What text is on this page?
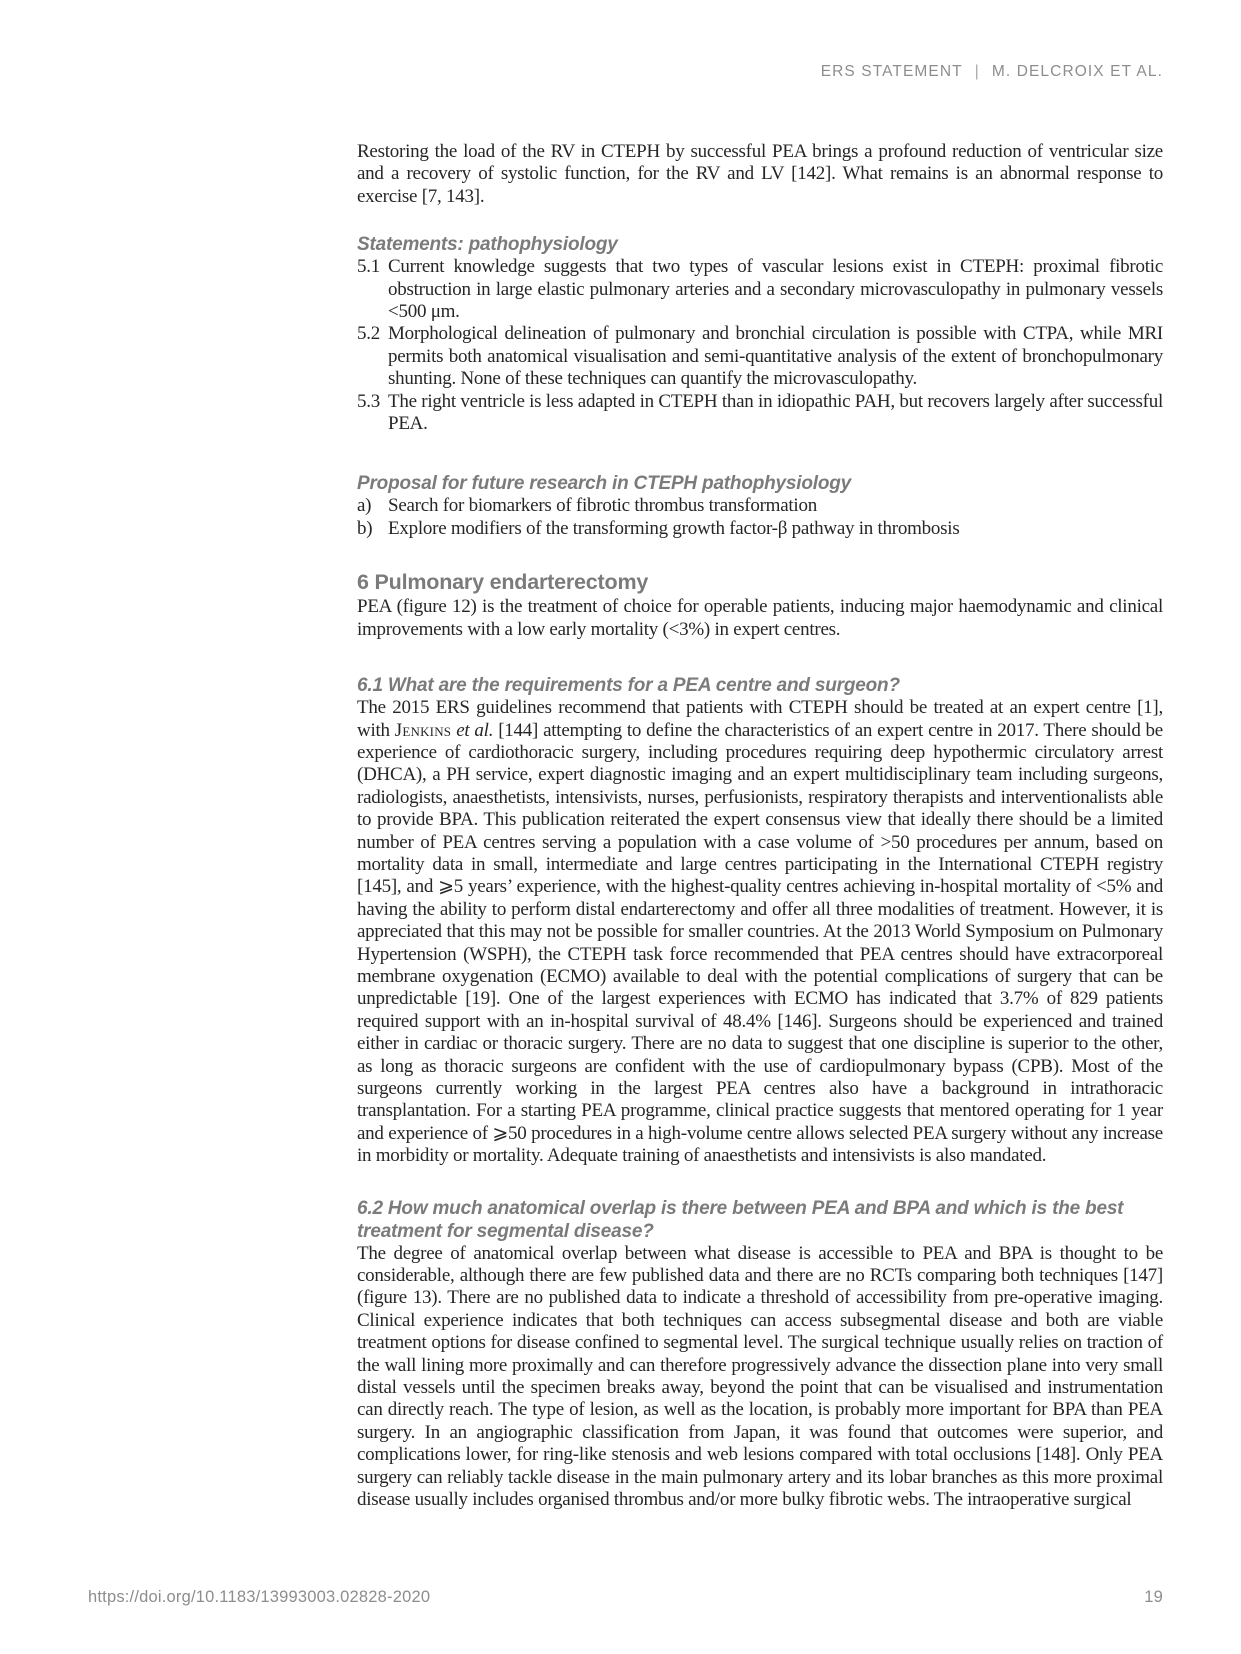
ERS STATEMENT | M. DELCROIX ET AL.

Restoring the load of the RV in CTEPH by successful PEA brings a profound reduction of ventricular size and a recovery of systolic function, for the RV and LV [142]. What remains is an abnormal response to exercise [7, 143].

Statements: pathophysiology
5.1 Current knowledge suggests that two types of vascular lesions exist in CTEPH: proximal fibrotic obstruction in large elastic pulmonary arteries and a secondary microvasculopathy in pulmonary vessels <500 μm.
5.2 Morphological delineation of pulmonary and bronchial circulation is possible with CTPA, while MRI permits both anatomical visualisation and semi-quantitative analysis of the extent of bronchopulmonary shunting. None of these techniques can quantify the microvasculopathy.
5.3 The right ventricle is less adapted in CTEPH than in idiopathic PAH, but recovers largely after successful PEA.
Proposal for future research in CTEPH pathophysiology
a) Search for biomarkers of fibrotic thrombus transformation
b) Explore modifiers of the transforming growth factor-β pathway in thrombosis
6 Pulmonary endarterectomy

PEA (figure 12) is the treatment of choice for operable patients, inducing major haemodynamic and clinical improvements with a low early mortality (<3%) in expert centres.

6.1 What are the requirements for a PEA centre and surgeon?

The 2015 ERS guidelines recommend that patients with CTEPH should be treated at an expert centre [1], with Jenkins et al. [144] attempting to define the characteristics of an expert centre in 2017. There should be experience of cardiothoracic surgery, including procedures requiring deep hypothermic circulatory arrest (DHCA), a PH service, expert diagnostic imaging and an expert multidisciplinary team including surgeons, radiologists, anaesthetists, intensivists, nurses, perfusionists, respiratory therapists and interventionalists able to provide BPA. This publication reiterated the expert consensus view that ideally there should be a limited number of PEA centres serving a population with a case volume of >50 procedures per annum, based on mortality data in small, intermediate and large centres participating in the International CTEPH registry [145], and ⩾5 years’ experience, with the highest-quality centres achieving in-hospital mortality of <5% and having the ability to perform distal endarterectomy and offer all three modalities of treatment. However, it is appreciated that this may not be possible for smaller countries. At the 2013 World Symposium on Pulmonary Hypertension (WSPH), the CTEPH task force recommended that PEA centres should have extracorporeal membrane oxygenation (ECMO) available to deal with the potential complications of surgery that can be unpredictable [19]. One of the largest experiences with ECMO has indicated that 3.7% of 829 patients required support with an in-hospital survival of 48.4% [146]. Surgeons should be experienced and trained either in cardiac or thoracic surgery. There are no data to suggest that one discipline is superior to the other, as long as thoracic surgeons are confident with the use of cardiopulmonary bypass (CPB). Most of the surgeons currently working in the largest PEA centres also have a background in intrathoracic transplantation. For a starting PEA programme, clinical practice suggests that mentored operating for 1 year and experience of ⩾50 procedures in a high-volume centre allows selected PEA surgery without any increase in morbidity or mortality. Adequate training of anaesthetists and intensivists is also mandated.

6.2 How much anatomical overlap is there between PEA and BPA and which is the best treatment for segmental disease?

The degree of anatomical overlap between what disease is accessible to PEA and BPA is thought to be considerable, although there are few published data and there are no RCTs comparing both techniques [147] (figure 13). There are no published data to indicate a threshold of accessibility from pre-operative imaging. Clinical experience indicates that both techniques can access subsegmental disease and both are viable treatment options for disease confined to segmental level. The surgical technique usually relies on traction of the wall lining more proximally and can therefore progressively advance the dissection plane into very small distal vessels until the specimen breaks away, beyond the point that can be visualised and instrumentation can directly reach. The type of lesion, as well as the location, is probably more important for BPA than PEA surgery. In an angiographic classification from Japan, it was found that outcomes were superior, and complications lower, for ring-like stenosis and web lesions compared with total occlusions [148]. Only PEA surgery can reliably tackle disease in the main pulmonary artery and its lobar branches as this more proximal disease usually includes organised thrombus and/or more bulky fibrotic webs. The intraoperative surgical

https://doi.org/10.1183/13993003.02828-2020	19
